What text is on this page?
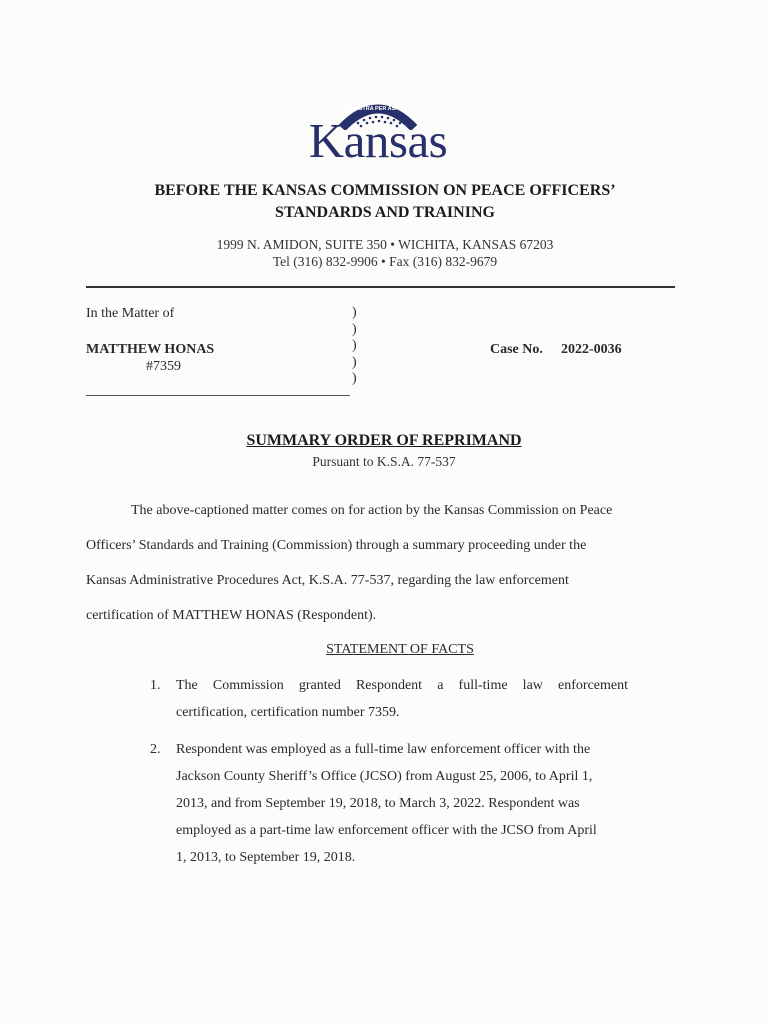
AD ASTRA PER ASPERA
Kansas
BEFORE THE KANSAS COMMISSION ON PEACE OFFICERS’
STANDARDS AND TRAINING
1999 N. AMIDON, SUITE 350 • WICHITA, KANSAS 67203
Tel (316) 832-9906 • Fax (316) 832-9679
In the Matter of
MATTHEW HONAS
#7359
)
)
)
)
)
Case No. 2022-0036
SUMMARY ORDER OF REPRIMAND
Pursuant to K.S.A. 77-537
The above-captioned matter comes on for action by the Kansas Commission on Peace
Officers’ Standards and Training (Commission) through a summary proceeding under the
Kansas Administrative Procedures Act, K.S.A. 77-537, regarding the law enforcement
certification of MATTHEW HONAS (Respondent).
STATEMENT OF FACTS
1. The Commission granted Respondent a full-time law enforcement
certification, certification number 7359.
2. Respondent was employed as a full-time law enforcement officer with the
Jackson County Sheriff’s Office (JCSO) from August 25, 2006, to April 1,
2013, and from September 19, 2018, to March 3, 2022. Respondent was
employed as a part-time law enforcement officer with the JCSO from April
1, 2013, to September 19, 2018.
